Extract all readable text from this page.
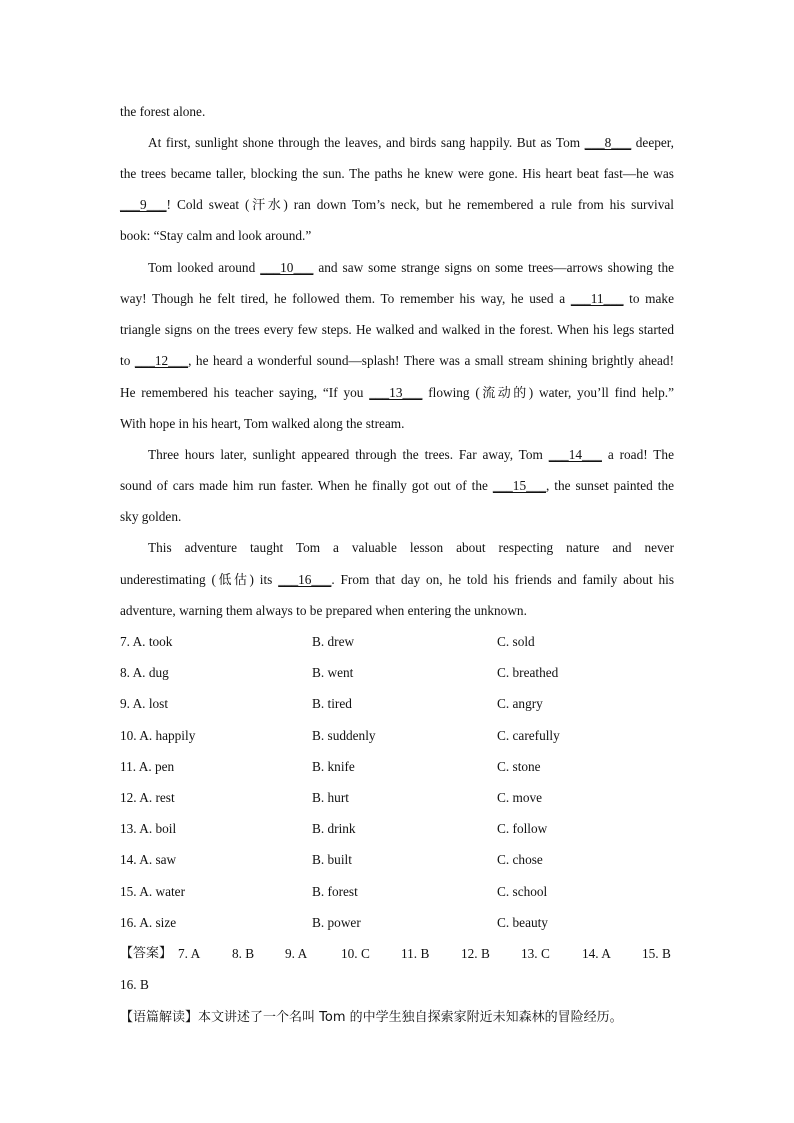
the forest alone.
At first, sunlight shone through the leaves, and birds sang happily. But as Tom ___8___ deeper,
the trees became taller, blocking the sun. The paths he knew were gone. His heart beat fast—he was
___9___! Cold sweat (汗水) ran down Tom’s neck, but he remembered a rule from his survival
book: “Stay calm and look around.”
Tom looked around ___10___ and saw some strange signs on some trees—arrows showing the
way! Though he felt tired, he followed them. To remember his way, he used a ___11___ to make
triangle signs on the trees every few steps. He walked and walked in the forest. When his legs started
to ___12___, he heard a wonderful sound—splash! There was a small stream shining brightly ahead!
He remembered his teacher saying, “If you ___13___ flowing (流动的) water, you’ll find help.”
With hope in his heart, Tom walked along the stream.
Three hours later, sunlight appeared through the trees. Far away, Tom ___14___ a road! The
sound of cars made him run faster. When he finally got out of the ___15___, the sunset painted the
sky golden.
This adventure taught Tom a valuable lesson about respecting nature and never
underestimating (低估) its ___16___. From that day on, he told his friends and family about his
adventure, warning them always to be prepared when entering the unknown.
7. A. took	B. drew	C. sold
8. A. dug	B. went	C. breathed
9. A. lost	B. tired	C. angry
10. A. happily	B. suddenly	C. carefully
11. A. pen	B. knife	C. stone
12. A. rest	B. hurt	C. move
13. A. boil	B. drink	C. follow
14. A. saw	B. built	C. chose
15. A. water	B. forest	C. school
16. A. size	B. power	C. beauty
【答案】 7. A 8. B 9. A	10. C 11. B 12. B 13. C 14. A 15. B
16. B
【语篇解读】本文讲述了一个名叫 Tom 的中学生独自探索家附近未知森林的冒险经历。
